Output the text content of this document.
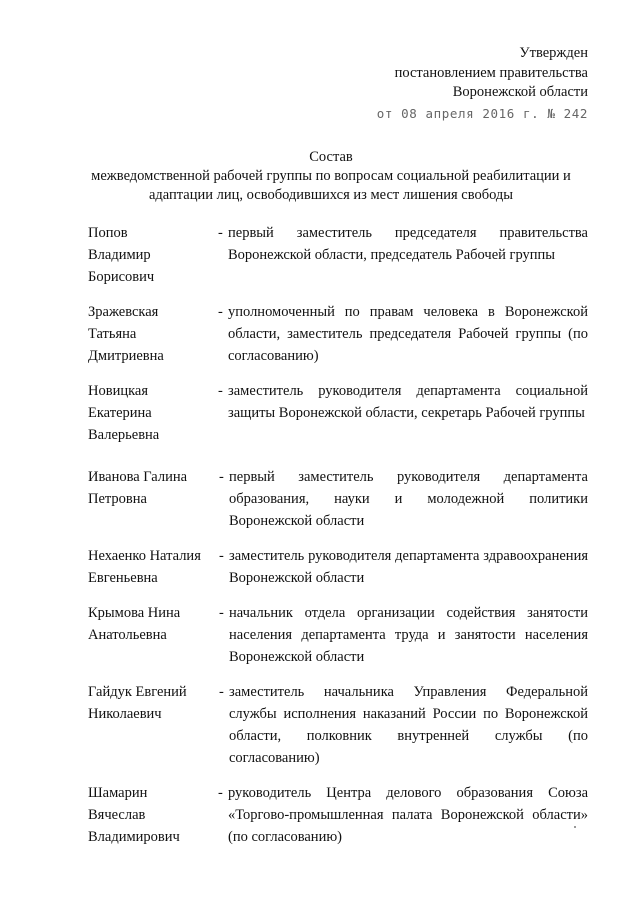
Утвержден
постановлением правительства
Воронежской области
от 08 апреля 2016 г. № 242
Состав
межведомственной рабочей группы по вопросам социальной реабилитации и
адаптации лиц, освободившихся из мест лишения свободы
Попов
Владимир
Борисович
- первый заместитель председателя правительства Воронежской области, председатель Рабочей группы
Зражевская
Татьяна
Дмитриевна
- уполномоченный по правам человека в Воронежской области, заместитель председателя Рабочей группы (по согласованию)
Новицкая
Екатерина
Валерьевна
- заместитель руководителя департамента социальной защиты Воронежской области, секретарь Рабочей группы
Иванова Галина
Петровна
- первый заместитель руководителя департамента образования, науки и молодежной политики Воронежской области
Нехаенко Наталия
Евгеньевна
- заместитель руководителя департамента здравоохранения Воронежской области
Крымова Нина
Анатольевна
- начальник отдела организации содействия занятости населения департамента труда и занятости населения Воронежской области
Гайдук Евгений
Николаевич
- заместитель начальника Управления Федеральной службы исполнения наказаний России по Воронежской области, полковник внутренней службы (по согласованию)
Шамарин
Вячеслав
Владимирович
- руководитель Центра делового образования Союза «Торгово-промышленная палата Воронежской области» (по согласованию)
